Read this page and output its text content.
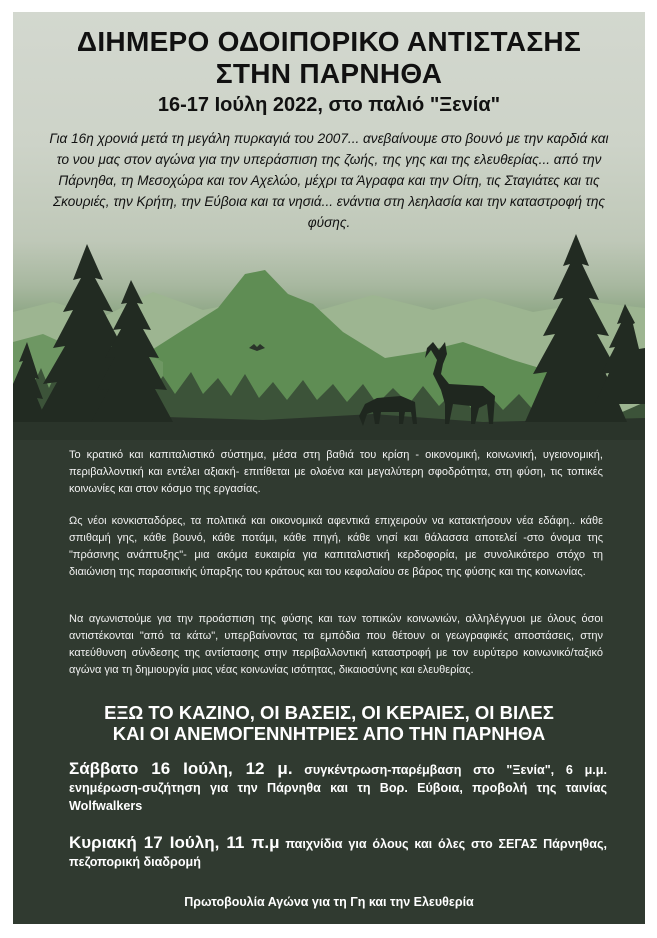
ΔΙΗΜΕΡΟ ΟΔΟΙΠΟΡΙΚΟ ΑΝΤΙΣΤΑΣΗΣ
ΣΤΗΝ ΠΑΡΝΗΘΑ

16-17 Ιούλη 2022, στο παλιό "Ξενία"

Για 16η χρονιά μετά τη μεγάλη πυρκαγιά του 2007... ανεβαίνουμε στο βουνό με την καρδιά και το νου μας στον αγώνα για την υπεράσπιση της ζωής, της γης και της ελευθερίας... από την Πάρνηθα, τη Μεσοχώρα και τον Αχελώο, μέχρι τα Άγραφα και την Οίτη, τις Σταγιάτες και τις Σκουριές, την Κρήτη, την Εύβοια και τα νησιά... ενάντια στη λεηλασία και την καταστροφή της φύσης.

Το κρατικό και καπιταλιστικό σύστημα, μέσα στη βαθιά του κρίση - οικονομική, κοινωνική, υγειονομική, περιβαλλοντική και εντέλει αξιακή- επιτίθεται με ολοένα και μεγαλύτερη σφοδρότητα, στη φύση, τις τοπικές κοινωνίες και στον κόσμο της εργασίας.

Ως νέοι κονκισταδόρες, τα πολιτικά και οικονομικά αφεντικά επιχειρούν να κατακτήσουν νέα εδάφη.. κάθε σπιθαμή γης, κάθε βουνό, κάθε ποτάμι, κάθε πηγή, κάθε νησί και θάλασσα αποτελεί -στο όνομα της "πράσινης ανάπτυξης"- μια ακόμα ευκαιρία για καπιταλιστική κερδοφορία, με συνολικότερο στόχο τη διαιώνιση της παρασιτικής ύπαρξης του κράτους και του κεφαλαίου σε βάρος της φύσης και της κοινωνίας.

Να αγωνιστούμε για την προάσπιση της φύσης και των τοπικών κοινωνιών, αλληλέγγυοι με όλους όσοι αντιστέκονται "από τα κάτω", υπερβαίνοντας τα εμπόδια που θέτουν οι γεωγραφικές αποστάσεις, στην κατεύθυνση σύνδεσης της αντίστασης στην περιβαλλοντική καταστροφή με τον ευρύτερο κοινωνικό/ταξικό αγώνα για τη δημιουργία μιας νέας κοινωνίας ισότητας, δικαιοσύνης και ελευθερίας.

ΕΞΩ ΤΟ ΚΑΖΙΝΟ, ΟΙ ΒΑΣΕΙΣ, ΟΙ ΚΕΡΑΙΕΣ, ΟΙ ΒΙΛΕΣ
ΚΑΙ ΟΙ ΑΝΕΜΟΓΕΝΝΗΤΡΙΕΣ ΑΠΟ ΤΗΝ ΠΑΡΝΗΘΑ

Σάββατο 16 Ιούλη, 12 μ. συγκέντρωση-παρέμβαση στο "Ξενία", 6 μ.μ. ενημέρωση-συζήτηση για την Πάρνηθα και τη Βορ. Εύβοια, προβολή της ταινίας Wolfwalkers

Κυριακή 17 Ιούλη, 11 π.μ παιχνίδια για όλους και όλες στο ΣΕΓΑΣ Πάρνηθας, πεζοπορική διαδρομή

Πρωτοβουλία Αγώνα για τη Γη και την Ελευθερία
